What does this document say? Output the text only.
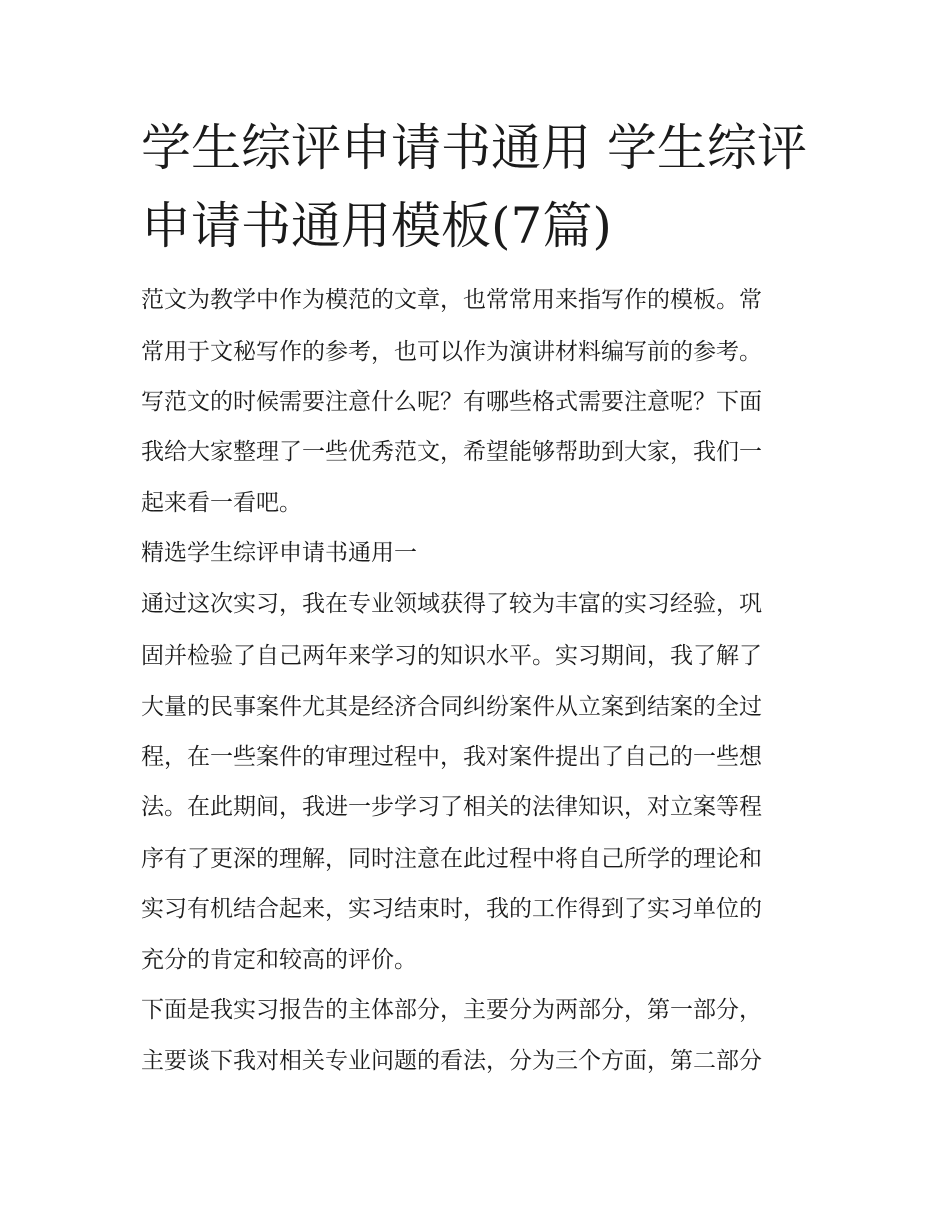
学生综评申请书通用 学生综评
申请书通用模板(7篇)
范文为教学中作为模范的文章，也常常用来指写作的模板。常
常用于文秘写作的参考，也可以作为演讲材料编写前的参考。
写范文的时候需要注意什么呢？有哪些格式需要注意呢？下面
我给大家整理了一些优秀范文，希望能够帮助到大家，我们一
起来看一看吧。
精选学生综评申请书通用一
通过这次实习，我在专业领域获得了较为丰富的实习经验，巩
固并检验了自己两年来学习的知识水平。实习期间，我了解了
大量的民事案件尤其是经济合同纠纷案件从立案到结案的全过
程，在一些案件的审理过程中，我对案件提出了自己的一些想
法。在此期间，我进一步学习了相关的法律知识，对立案等程
序有了更深的理解，同时注意在此过程中将自己所学的理论和
实习有机结合起来，实习结束时，我的工作得到了实习单位的
充分的肯定和较高的评价。
下面是我实习报告的主体部分，主要分为两部分，第一部分，
主要谈下我对相关专业问题的看法，分为三个方面，第二部分
